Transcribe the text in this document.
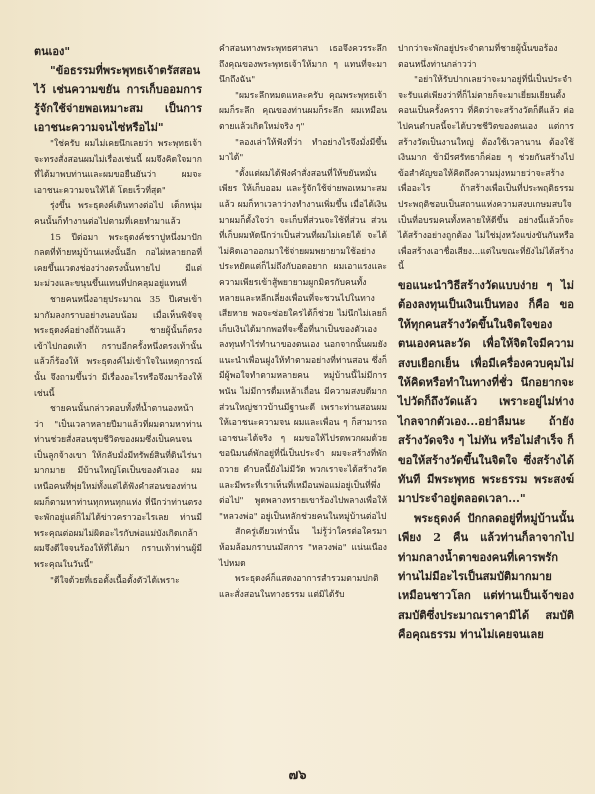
ตนเอง"

"ข้อธรรมที่พระพุทธเจ้าตรัสสอนไว้ เช่นความขยัน การเก็บออมการรู้จักใช้จ่ายพอเหมาะสม เป็นการเอาชนะความจนไซ่หรือไม่"

"ใช่ครับ ผมไม่เคยนึกเลยว่า พระพุทธเจ้าจะทรงสั่งสอนผมไม่เรื่องเช่นนี้ ผมจึงคิดใจมากที่ได้มาพบท่านและผมขอยืนยันว่า ผมจะเอาชนะความจนให้ได้ โดยเร็วที่สุด"

รุ่งขึ้น พระธุดงค์เดินทางต่อไป เด็กหนุ่มคนนั้นก็ทำงานต่อไปตามที่เคยทำมาแล้ว

15 ปีต่อมา พระธุดงค์ชราปูหนึ่งมาปักกลดที่ท้ายหมู่บ้านแห่งนั้นอีก กอไผ่หลายกอที่เคยขึ้นแวดงช่องว่างตรงนั้นหายไป มีแต่มะม่วงและขนุนขึ้นแทนที่ปกคลุมอยู่แทนที่

ชายคนหนึ่งอายุประมาณ 35 ปีเศษเข้ามากัมลงกราบอย่างนอบน้อม เมื่อเห็นพิจัจจุพระธุดงค์อย่างถี่ถ้วนแล้ว ชายผู้นั้นก็ตรงเข้าไปกอดเท้า กราบอีกครั้งหนึ่งตรงเท้านั้นแล้วก็ร้องให้ พระธุดงค์ไม่เข้าใจในเหตุการณ์นั้น จึงถามขึ้นว่า มีเรื่องอะไรหรือจึงมาร้องให้เช่นนี้

ชายคนนั้นกล่าวตอบทั้งที่น้ำตานองหน้าว่า "เป็นเวลาหลายปีมาแล้วที่ผมตามหาท่าน ท่านช่วยสั่งสอนชุบชีวิตของผมซึ่งเป็นคนจนเป็นลูกจ้างเขา ให้กลับมั่งมีทรัพย์สินที่ดินไร่นามากมาย มีบ้านใหญ่โตเป็นของตัวเอง ผมเหนือคนที่พุ่ยใหม่ทั้งแต่ได้ฟังคำสอนของท่าน ผมก็ตามหาท่านทุกหนทุกแห่ง ที่นึกว่าท่านตรงจะพักอยู่แต่ก็ไม่ได้ข่าวคราวอะไรเลย ท่านมีพระคุณต่อผมไม่ผิดอะไรกับพ่อแม่บังเกิดเกล้า ผมจึงดีใจจนร้องให้ที่ได้มา กราบเท้าท่านผู้มีพระคุณในวันนี้"

"ดีใจด้วยที่เธอตั้งเนื้อตั้งตัวได้เพราะ

คำสอนทางพระพุทธศาสนา เธอจึงควรระลึกถึงคุณของพระพุทธเจ้าให้มาก ๆ แทนที่จะมานึกถึงฉัน"

"ผมระลึกหมดแหละครับ คุณพระพุทธเจ้าผมก็ระลึก คุณของท่านผมก็ระลึก ผมเหมือนตายแล้วเกิดใหม่จริง ๆ"

"ลองเล่าให้ฟังที่ว่า ทำอย่างไรจึงมั่งมีขึ้นมาได้"

"ตั้งแต่ผมได้ฟังคำสั่งสอนที่ให้ขยันหมั่นเพียร ให้เก็บออม และรู้จักใช้จ่ายพอเหมาะสมแล้ว ผมก็หาเวลาว่างทำงานเพิ่มขึ้น เมื่อได้เงินมาผมก็ตั้งใจว่า จะเก็บที่ส่วนจะใช้ที่ส่วน ส่วนที่เก็บผมหัดนึกว่าเป็นส่วนที่ผมไม่เคยได้ จะได้ไม่คิดเอาออกมาใช้จ่ายผมพยายามใช้อย่างประหยัดแต่ก็ไม่ถึงกับอดอยาก ผมเอาแรงและความเพียรเข้าสู้พยายามผูกมิตรกับคนทั้งหลายและหลีกเลี่ยงเพื่อนที่จะชวนไปในทางเสียหาย พอจะซ่อยใครได้ก็ช่วย ไม่นึกไม่เลยก็เก็บเงินได้มากพอที่จะซื้อที่นาเป็นของตัวเอง ลงทุนทำไร่ทำนาของตนเอง นอกจากนั้นผมยังแนะนำเพื่อนฝูงให้ทำตามอย่างที่ท่านสอน ซึ่งก็มีผู้พอใจทำตามหลายคน หมู่บ้านนี้ไม่มีการพนัน ไม่มีการดื่มเหล้าเถื่อน มีความสงบดีมาก ส่วนใหญ่ชาวบ้านมีฐานะดี เพราะท่านสอนผมให้เอาชนะความจน ผมและเพื่อน ๆ ก็สามารถเอาชนะได้จริง ๆ ผมขอให้ไปรดพวกผมด้วย ขอนิมนต์พักอยู่ที่นี่เป็นประจำ ผมจะสร้างที่พักถวาย ตำบลนี้ยังไม่มีวัด พวกเราจะได้สร้างวัดและมีพระที่เราเห็นที่เหมือนพ่อแม่อยู่เป็นที่พึ่งต่อไป" พูดพลางทรายเขาร้องไปพลางเพื่อให้ "หลวงพ่อ" อยู่เป็นหลักช่วยคนในหมู่บ้านต่อไป

สักครู่เดียวเท่านั้น ไม่รู้ว่าใครต่อใครมาห้อมล้อมกราบนมัสการ "หลวงพ่อ" แน่นเนืองไปหมด

พระธุดงค์ก็แสดงอาการสำรวมตามปกติ และสั่งสอนในทางธรรม แต่มิได้รับ

ปากว่าจะพักอยู่ประจำตามที่ชายผู้นั้นขอร้อง ตอนหนึ่งท่านกล่าวว่า

"อย่าให้รับปากเลยว่าจะมาอยู่ที่นี่เป็นประจำ จะรับแต่เพียงว่าที่ก็ไม่ตายก็จะมาเยี่ยมเยียนตั้งคอนเป็นครั้งคราว ที่คิดว่าจะสร้างวัดก็ดีแล้ว ต่อไปคนตำบลนี้จะได้บวชชีวิตของตนเอง แต่การสร้างวัดเป็นงานใหญ่ ต้องใช้เวลานาน ต้องใช้เงินมาก ข้ามีรศรัทธาก็ค่อย ๆ ช่วยกันสร้างไป ข้อสำคัญขอให้คิดถึงความมุ่งหมายว่าจะสร้างเพื่ออะไร ถ้าสร้างเพื่อเป็นที่ประพฤติธรรม ประพฤติชอบเป็นสถานแห่งความสงบเกษมสบใจ เป็นที่อบรมคนทั้งหลายให้ดีขึ้น อย่างนี้แล้วก็จะได้สร้างอย่างถูกต้อง ไม่ใช่มุ่งหวังแข่งขันกันหรือเพื่อสร้างเอาชื่อเสียง...แต่ในขณะที่ยังไม่ได้สร้างนี้

ขอแนะนำวิธีสร้างวัดแบบง่าย ๆ ไม่ต้องลงทุนเป็นเงินเป็นทอง ก็คือ ขอให้ทุกคนสร้างวัดขึ้นในจิตใจของตนเองคนละวัด เพื่อให้จิตใจมีความสงบเยือกเย็น เพื่อมีเครื่องควบคุมไม่ให้คิดหรือทำในทางที่ชั่ว นึกอยากจะไปวัดก็ถึงวัดแล้ว เพราะอยู่ไม่ห่างไกลจากตัวเอง...อย่าลืมนะ ถ้ายังสร้างวัดจริง ๆ ไม่ทัน หรือไม่สำเร็จ ก็ขอให้สร้างวัดขึ้นในจิตใจ ซึ่งสร้างได้ทันที มีพระพุทธ พระธรรม พระสงฆ์ มาประจำอยู่ตลอดเวลา..."

พระธุดงค์ ปักกลดอยู่ที่หมู่บ้านนั้นเพียง 2 คืน แล้วท่านก็ลาจากไป ท่ามกลางน้ำตาของคนที่เคารพรักท่านไม่มีอะไรเป็นสมบัติมากมายเหมือนชาวโลก แต่ท่านเป็นเจ้าของสมบัติซึ่งประมาณราคามิได้ สมบัติคือคุณธรรม ท่านไม่เคยจนเลย

๗๖
